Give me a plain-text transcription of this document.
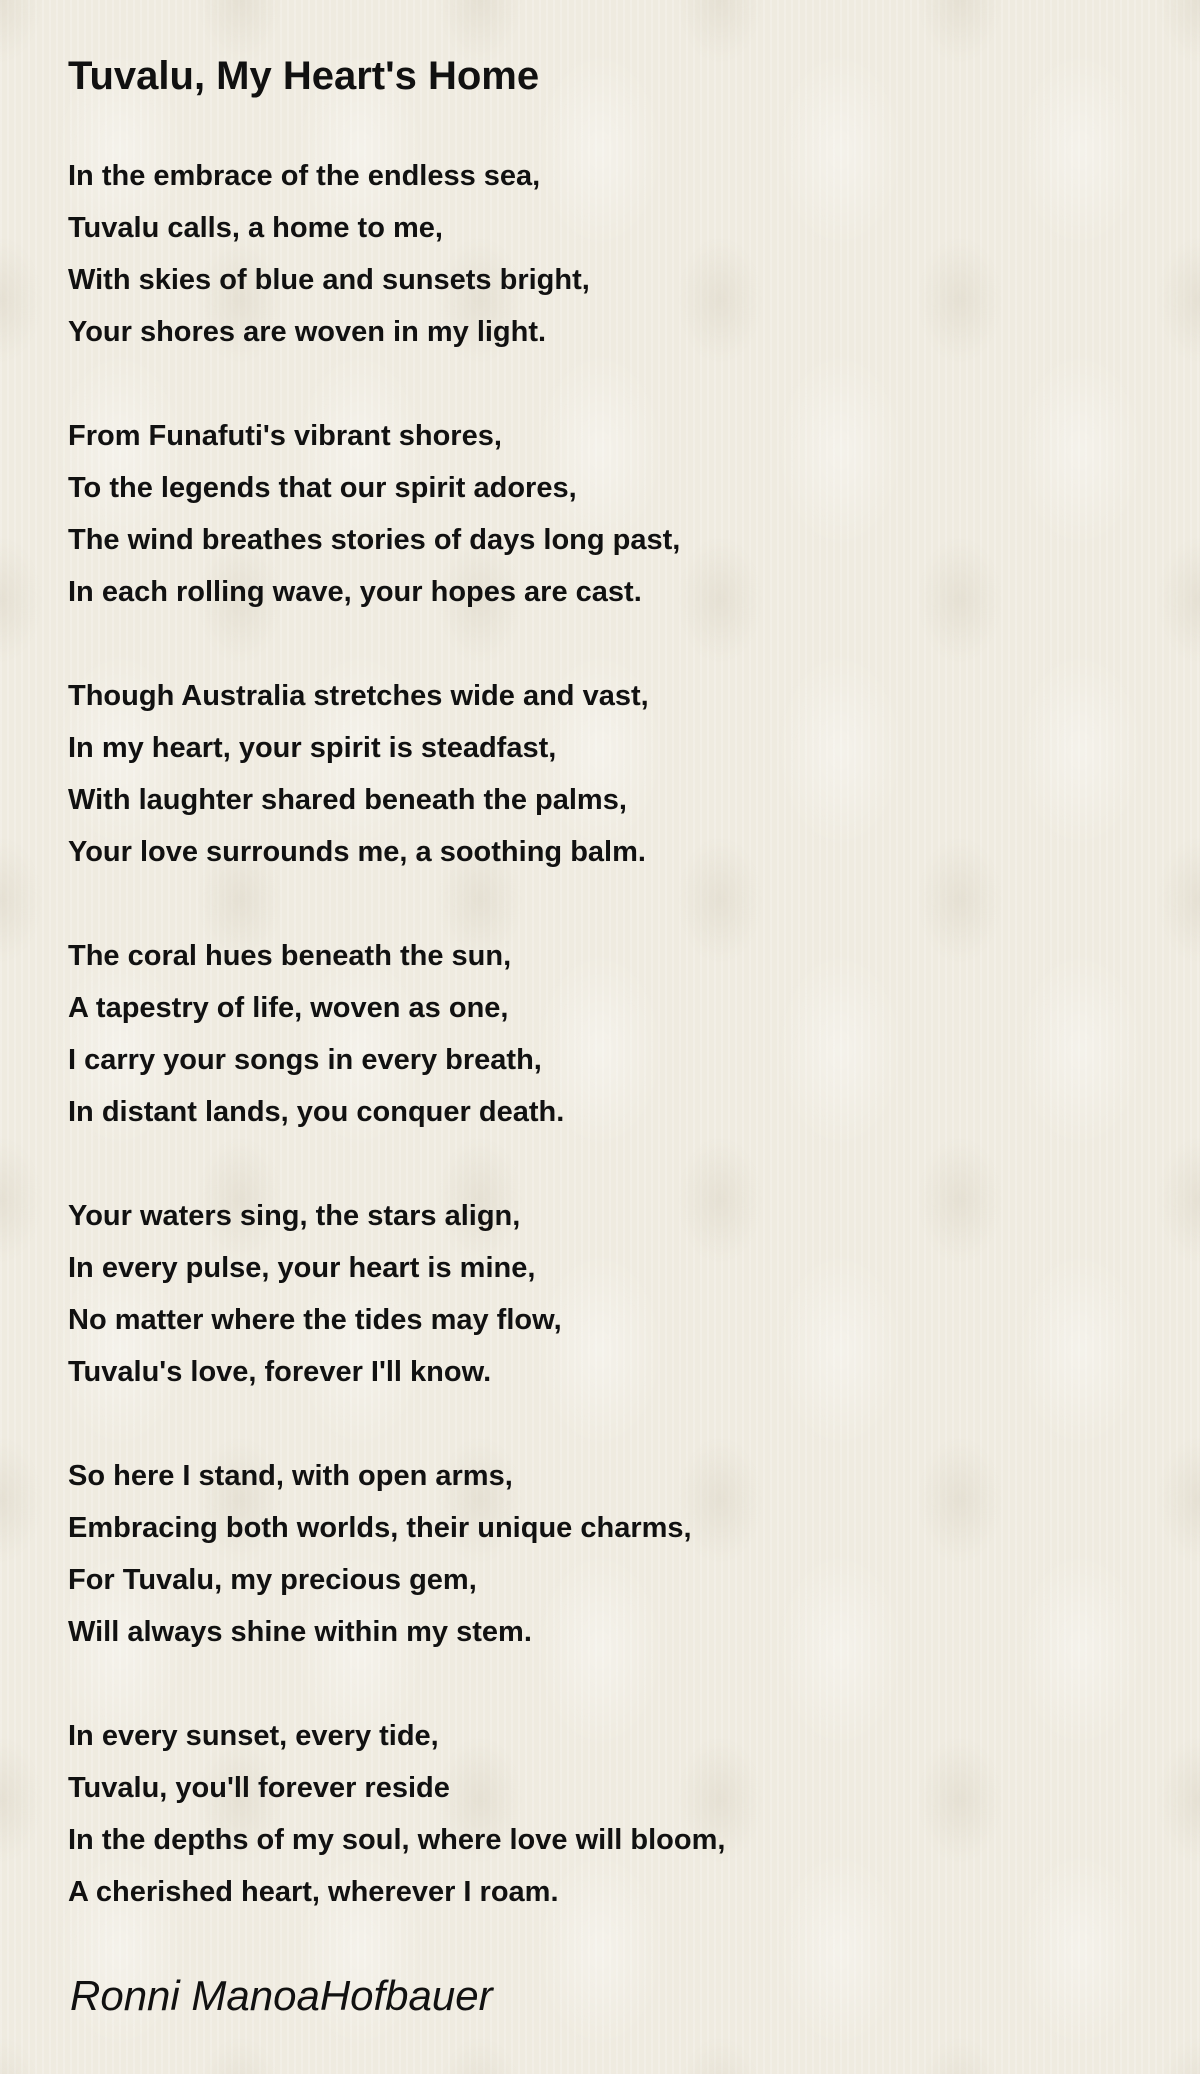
Tuvalu, My Heart's Home
In the embrace of the endless sea,
Tuvalu calls, a home to me,
With skies of blue and sunsets bright,
Your shores are woven in my light.
From Funafuti's vibrant shores,
To the legends that our spirit adores,
The wind breathes stories of days long past,
In each rolling wave, your hopes are cast.
Though Australia stretches wide and vast,
In my heart, your spirit is steadfast,
With laughter shared beneath the palms,
Your love surrounds me, a soothing balm.
The coral hues beneath the sun,
A tapestry of life, woven as one,
I carry your songs in every breath,
In distant lands, you conquer death.
Your waters sing, the stars align,
In every pulse, your heart is mine,
No matter where the tides may flow,
Tuvalu's love, forever I'll know.
So here I stand, with open arms,
Embracing both worlds, their unique charms,
For Tuvalu, my precious gem,
Will always shine within my stem.
In every sunset, every tide,
Tuvalu, you'll forever reside
In the depths of my soul, where love will bloom,
A cherished heart, wherever I roam.
Ronni ManoaHofbauer
